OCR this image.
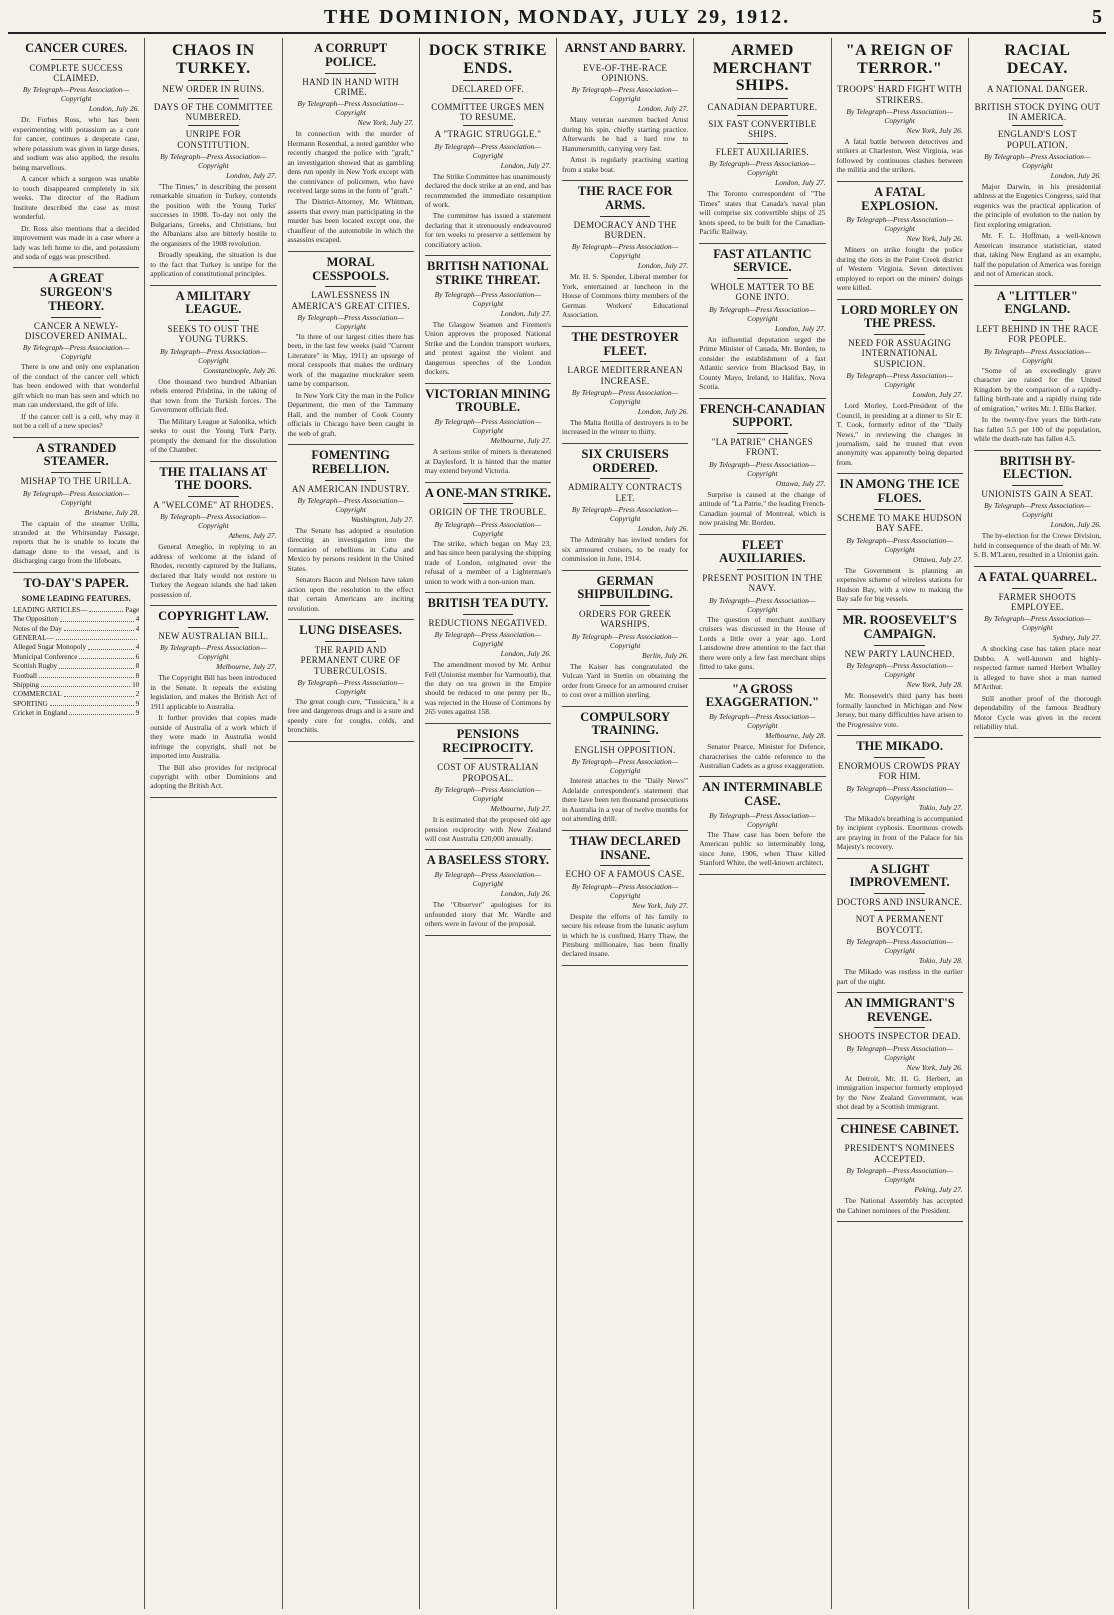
THE DOMINION, MONDAY, JULY 29, 1912.	5
CANCER CURES.
COMPLETE SUCCESS CLAIMED.
By Telegraph—Press Association—Copyright
London, July 26.

Dr. Forbes Ross, who has been experimenting with potassium as a cure for cancer, continues a desperate case, where potassium was given in large doses, and sodium was also applied, the results being marvellous.

A cancer which a surgeon was unable to touch disappeared completely in six weeks. The director of the Radium Institute described the case as most wonderful.

Dr. Ross also mentions that a decided improvement was made in a case where a lady was left home to die, and potassium and soda of eggs was prescribed.

A GREAT SURGEON'S THEORY.
CANCER A NEWLY-DISCOVERED ANIMAL.
By Telegraph—Press Association—Copyright

There is one and only one explanation of the conduct of the cancer cell which has been endowed with that wonderful gift which no man has seen and which no man can understand, the gift of life.

If the cancer cell is a cell, why may it not be a cell of a new species?

A STRANDED STEAMER.
MISHAP TO THE URILLA.
By Telegraph—Press Association—Copyright
Brisbane, July 28.

The captain of the steamer Urilla, stranded at the Whitsunday Passage, reports that he is unable to locate the damage done to the vessel, and is discharging cargo from the lifeboats.

TO-DAY'S PAPER.
SOME LEADING FEATURES.
LEADING ARTICLES—	Page
The Opposition	4
Notes of the Day	4
GENERAL—
Alleged Sugar Monopoly	4
Municipal Conference	6
Scottish Rugby	8
Football	8
Shipping	10
COMMERCIAL	2
SPORTING	9
Cricket in England	9
CHAOS IN TURKEY.
NEW ORDER IN RUINS.
DAYS OF THE COMMITTEE NUMBERED.
UNRIPE FOR CONSTITUTION.
By Telegraph—Press Association—Copyright
London, July 27.

"The Times," in describing the present remarkable situation in Turkey, contends the position with the Young Turks' successes in 1908. To-day not only the Bulgarians, Greeks, and Christians, but the Albanians also are bitterly hostile to the organisers of the 1908 revolution.

Broadly speaking, the situation is due to the fact that Turkey is unripe for the application of constitutional principles.

A MILITARY LEAGUE.
SEEKS TO OUST THE YOUNG TURKS.
By Telegraph—Press Association—Copyright
Constantinople, July 26.

One thousand two hundred Albanian rebels entered Prishtina, in the taking of that town from the Turkish forces. The Government officials fled.

The Military League at Salonika, which seeks to oust the Young Turk Party, promptly the demand for the dissolution of the Chamber.

THE ITALIANS AT THE DOORS.
A "WELCOME" AT RHODES.
By Telegraph—Press Association—Copyright
Athens, July 27.

General Ameglio, in replying to an address of welcome at the island of Rhodes, recently captured by the Italians, declared that Italy would not restore to Turkey the Aegean islands she had taken possession of.

COPYRIGHT LAW.
NEW AUSTRALIAN BILL.
By Telegraph—Press Association—Copyright
Melbourne, July 27.

The Copyright Bill has been introduced in the Senate. It repeals the existing legislation, and makes the British Act of 1911 applicable to Australia.

It further provides that copies made outside of Australia of a work which if they were made in Australia would infringe the copyright, shall not be imported into Australia.

The Bill also provides for reciprocal copyright with other Dominions and adopting the British Act.

A CORRUPT POLICE.
HAND IN HAND WITH CRIME.
By Telegraph—Press Association—Copyright
New York, July 27.

In connection with the murder of Hermann Rosenthal, a noted gambler who recently charged the police with "graft," an investigation showed that as gambling dens run openly in New York except with the connivance of policemen, who have received large sums in the form of "graft."

The District-Attorney, Mr. Whitman, asserts that every man participating in the murder has been located except one, the chauffeur of the automobile in which the assassins escaped.

MORAL CESSPOOLS.
LAWLESSNESS IN AMERICA'S GREAT CITIES.
By Telegraph—Press Association—Copyright

"In three of our largest cities there has been, in the last few weeks (said "Current Literature" in May, 1911) an upsurge of moral cesspools that makes the ordinary work of the magazine muckraker seem tame by comparison.

In New York City the man in the Police Department, the men of the Tammany Hall, and the number of Cook County officials in Chicago have been caught in the web of graft.

FOMENTING REBELLION.
AN AMERICAN INDUSTRY.
By Telegraph—Press Association—Copyright
Washington, July 27.

The Senate has adopted a resolution directing an investigation into the formation of rebellions in Cuba and Mexico by persons resident in the United States.

Senators Bacon and Nelson have taken action upon the resolution to the effect that certain Americans are inciting revolution.

LUNG DISEASES.
THE RAPID AND PERMANENT CURE OF TUBERCULOSIS.
By Telegraph—Press Association—Copyright

The great cough cure, "Tussicura," is a free and dangerous drugs and is a sure and speedy cure for coughs, colds, and bronchitis.

DOCK STRIKE ENDS.
DECLARED OFF.
COMMITTEE URGES MEN TO RESUME.
A "TRAGIC STRUGGLE."
By Telegraph—Press Association—Copyright
London, July 27.

The Strike Committee has unanimously declared the dock strike at an end, and has recommended the immediate resumption of work.

The committee has issued a statement declaring that it strenuously endeavoured for ten weeks to preserve a settlement by conciliatory action.

BRITISH NATIONAL STRIKE THREAT.
By Telegraph—Press Association—Copyright
London, July 27.

The Glasgow Seamen and Firemen's Union approves the proposed National Strike and the London transport workers, and protest against the violent and dangerous speeches of the London dockers.

VICTORIAN MINING TROUBLE.
By Telegraph—Press Association—Copyright
Melbourne, July 27.

A serious strike of miners is threatened at Daylesford. It is hinted that the matter may extend beyond Victoria.

A ONE-MAN STRIKE.
ORIGIN OF THE TROUBLE.
By Telegraph—Press Association—Copyright

The strike, which began on May 23, and has since been paralysing the shipping trade of London, originated over the refusal of a member of a Lighterman's union to work with a non-union man.

BRITISH TEA DUTY.
REDUCTIONS NEGATIVED.
By Telegraph—Press Association—Copyright
London, July 26.

The amendment moved by Mr. Arthur Fell (Unionist member for Yarmouth), that the duty on tea grown in the Empire should be reduced to one penny per lb., was rejected in the House of Commons by 265 votes against 158.

PENSIONS RECIPROCITY.
COST OF AUSTRALIAN PROPOSAL.
By Telegraph—Press Association—Copyright
Melbourne, July 27.

It is estimated that the proposed old age pension reciprocity with New Zealand will cost Australia £20,000 annually.

A BASELESS STORY.
By Telegraph—Press Association—Copyright
London, July 26.

The "Observer" apologises for its unfounded story that Mr. Wardle and others were in favour of the proposal.

ARNST AND BARRY.
EVE-OF-THE-RACE OPINIONS.
By Telegraph—Press Association—Copyright
London, July 27.

Many veteran oarsmen backed Arnst during his spin, chiefly starting practice. Afterwards he had a hard row to Hammersmith, carrying very fast.

Arnst is regularly practising starting from a stake boat.

THE RACE FOR ARMS.
DEMOCRACY AND THE BURDEN.
By Telegraph—Press Association—Copyright
London, July 27.

Mr. H. S. Spender, Liberal member for York, entertained at luncheon in the House of Commons thirty members of the German Workers' Educational Association.

THE DESTROYER FLEET.
LARGE MEDITERRANEAN INCREASE.
By Telegraph—Press Association—Copyright
London, July 26.

The Malta flotilla of destroyers is to be increased in the winter to thirty.

SIX CRUISERS ORDERED.
ADMIRALTY CONTRACTS LET.
By Telegraph—Press Association—Copyright
London, July 26.

The Admiralty has invited tenders for six armoured cruisers, to be ready for commission in June, 1914.

GERMAN SHIPBUILDING.
ORDERS FOR GREEK WARSHIPS.
By Telegraph—Press Association—Copyright
Berlin, July 26.

The Kaiser has congratulated the Vulcan Yard in Stettin on obtaining the order from Greece for an armoured cruiser to cost over a million sterling.

COMPULSORY TRAINING.
ENGLISH OPPOSITION.
By Telegraph—Press Association—Copyright

Interest attaches to the "Daily News'" Adelaide correspondent's statement that there have been ten thousand prosecutions in Australia in a year of twelve months for not attending drill.

THAW DECLARED INSANE.
ECHO OF A FAMOUS CASE.
By Telegraph—Press Association—Copyright
New York, July 27.

Despite the efforts of his family to secure his release from the lunatic asylum in which he is confined, Harry Thaw, the Pittsburg millionaire, has been finally declared insane.

ARMED MERCHANT SHIPS.
CANADIAN DEPARTURE.
SIX FAST CONVERTIBLE SHIPS.
FLEET AUXILIARIES.
By Telegraph—Press Association—Copyright
London, July 27.

The Toronto correspondent of "The Times" states that Canada's naval plan will comprise six convertible ships of 25 knots speed, to be built for the Canadian-Pacific Railway.

FAST ATLANTIC SERVICE.
WHOLE MATTER TO BE GONE INTO.
By Telegraph—Press Association—Copyright
London, July 27.

An influential deputation urged the Prime Minister of Canada, Mr. Borden, to consider the establishment of a fast Atlantic service from Blacksod Bay, in County Mayo, Ireland, to Halifax, Nova Scotia.

FRENCH-CANADIAN SUPPORT.
"LA PATRIE" CHANGES FRONT.
By Telegraph—Press Association—Copyright
Ottawa, July 27.

Surprise is caused at the change of attitude of "La Patrie," the leading French-Canadian journal of Montreal, which is now praising Mr. Borden.

FLEET AUXILIARIES.
PRESENT POSITION IN THE NAVY.
By Telegraph—Press Association—Copyright

The question of merchant auxiliary cruisers was discussed in the House of Lords a little over a year ago. Lord Lansdowne drew attention to the fact that there were only a few fast merchant ships fitted to take guns.

"A GROSS EXAGGERATION."
By Telegraph—Press Association—Copyright
Melbourne, July 28.

Senator Pearce, Minister for Defence, characterises the cable reference to the Australian Cadets as a gross exaggeration.

AN INTERMINABLE CASE.
By Telegraph—Press Association—Copyright

The Thaw case has been before the American public so interminably long, since June, 1906, when Thaw killed Stanford White, the well-known architect.

"A REIGN OF TERROR."
TROOPS' HARD FIGHT WITH STRIKERS.
By Telegraph—Press Association—Copyright
New York, July 26.

A fatal battle between detectives and strikers at Charleston, West Virginia, was followed by continuous clashes between the militia and the strikers.

A FATAL EXPLOSION.
By Telegraph—Press Association—Copyright
New York, July 26.

Miners on strike fought the police during the riots in the Paint Creek district of Western Virginia. Seven detectives employed to report on the miners' doings were killed.

LORD MORLEY ON THE PRESS.
NEED FOR ASSUAGING INTERNATIONAL SUSPICION.
By Telegraph—Press Association—Copyright
London, July 27.

Lord Morley, Lord-President of the Council, in presiding at a dinner to Sir E. T. Cook, formerly editor of the "Daily News," in reviewing the changes in journalism, said he trusted that even anonymity was apparently being departed from.

IN AMONG THE ICE FLOES.
SCHEME TO MAKE HUDSON BAY SAFE.
By Telegraph—Press Association—Copyright
Ottawa, July 27.

The Government is planning an expensive scheme of wireless stations for Hudson Bay, with a view to making the Bay safe for big vessels.

MR. ROOSEVELT'S CAMPAIGN.
NEW PARTY LAUNCHED.
By Telegraph—Press Association—Copyright
New York, July 28.

Mr. Roosevelt's third party has been formally launched in Michigan and New Jersey, but many difficulties have arisen to the Progressive vote.

THE MIKADO.
ENORMOUS CROWDS PRAY FOR HIM.
By Telegraph—Press Association—Copyright
Tokio, July 27.

The Mikado's breathing is accompanied by incipient cyphosis. Enormous crowds are praying in front of the Palace for his Majesty's recovery.

A SLIGHT IMPROVEMENT.
DOCTORS AND INSURANCE.
NOT A PERMANENT BOYCOTT.
By Telegraph—Press Association—Copyright
Tokio, July 28.

The Mikado was restless in the earlier part of the night.

AN IMMIGRANT'S REVENGE.
SHOOTS INSPECTOR DEAD.
By Telegraph—Press Association—Copyright
New York, July 26.

At Detroit, Mr. H. G. Herbert, an immigration inspector formerly employed by the New Zealand Government, was shot dead by a Scottish immigrant.

CHINESE CABINET.
PRESIDENT'S NOMINEES ACCEPTED.
By Telegraph—Press Association—Copyright
Peking, July 27.

The National Assembly has accepted the Cabinet nominees of the President.

RACIAL DECAY.
A NATIONAL DANGER.
BRITISH STOCK DYING OUT IN AMERICA.
ENGLAND'S LOST POPULATION.
By Telegraph—Press Association—Copyright
London, July 26.

Major Darwin, in his presidential address at the Eugenics Congress, said that eugenics was the practical application of the principle of evolution to the nation by first exploring emigration.

Mr. F. L. Hoffman, a well-known American insurance statistician, stated that, taking New England as an example, half the population of America was foreign and not of American stock.

A "LITTLER" ENGLAND.
LEFT BEHIND IN THE RACE FOR PEOPLE.
By Telegraph—Press Association—Copyright

"Some of an exceedingly grave character are raised for the United Kingdom by the comparison of a rapidly-falling birth-rate and a rapidly rising tide of emigration," writes Mr. J. Ellis Barker.

In the twenty-five years the birth-rate has fallen 5.5 per 100 of the population, while the death-rate has fallen 4.5.

BRITISH BY-ELECTION.
UNIONISTS GAIN A SEAT.
By Telegraph—Press Association—Copyright
London, July 26.

The by-election for the Crewe Division, held in consequence of the death of Mr. W. S. B. M'Laren, resulted in a Unionist gain.

A FATAL QUARREL.
FARMER SHOOTS EMPLOYEE.
By Telegraph—Press Association—Copyright
Sydney, July 27.

A shocking case has taken place near Dubbo. A well-known and highly-respected farmer named Herbert Whalley is alleged to have shot a man named M'Arthur.

Still another proof of the thorough dependability of the famous Bradbury Motor Cycle was given in the recent reliability trial.
